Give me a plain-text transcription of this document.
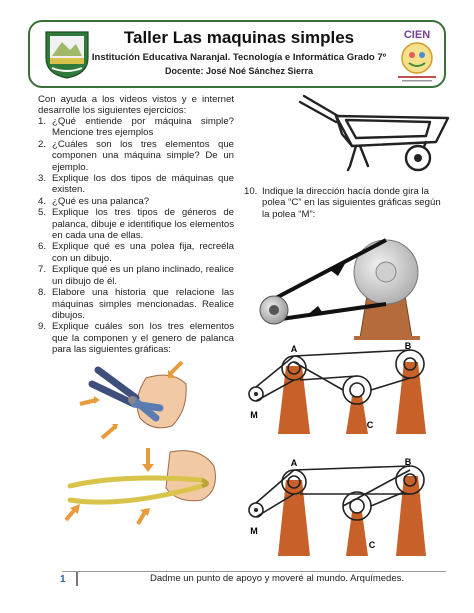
Taller Las maquinas simples
Institución Educativa Naranjal. Tecnología e Informática Grado 7º
Docente: José Noé Sánchez Sierra
CIEN
Con ayuda a los videos vistos y e internet desarrolle los siguientes ejercicios:
1. ¿Qué entiende por máquina simple? Mencione tres ejemplos
2. ¿Cuáles son los tres elementos que componen una máquina simple? De un ejemplo.
3. Explique los dos tipos de máquinas que existen.
4. ¿Qué es una palanca?
5. Explique los tres tipos de géneros de palanca, dibuje e identifique los elementos en cada una de ellas.
6. Explique qué es una polea fija, recreéla con un dibujo.
7. Explique qué es un plano inclinado, realice un dibujo de él.
8. Elabore una historia que relacione las máquinas simples mencionadas. Realice dibujos.
9. Explique cuáles son los tres elementos que la componen y el genero de palanca para las siguientes gráficas:
10. Indique la dirección hacía donde gira la polea “C” en las siguientes gráficas según la polea “M”:
A	B
C
M
A	B
C
M
1	Dadme un punto de apoyo y moveré al mundo. Arquímedes.
